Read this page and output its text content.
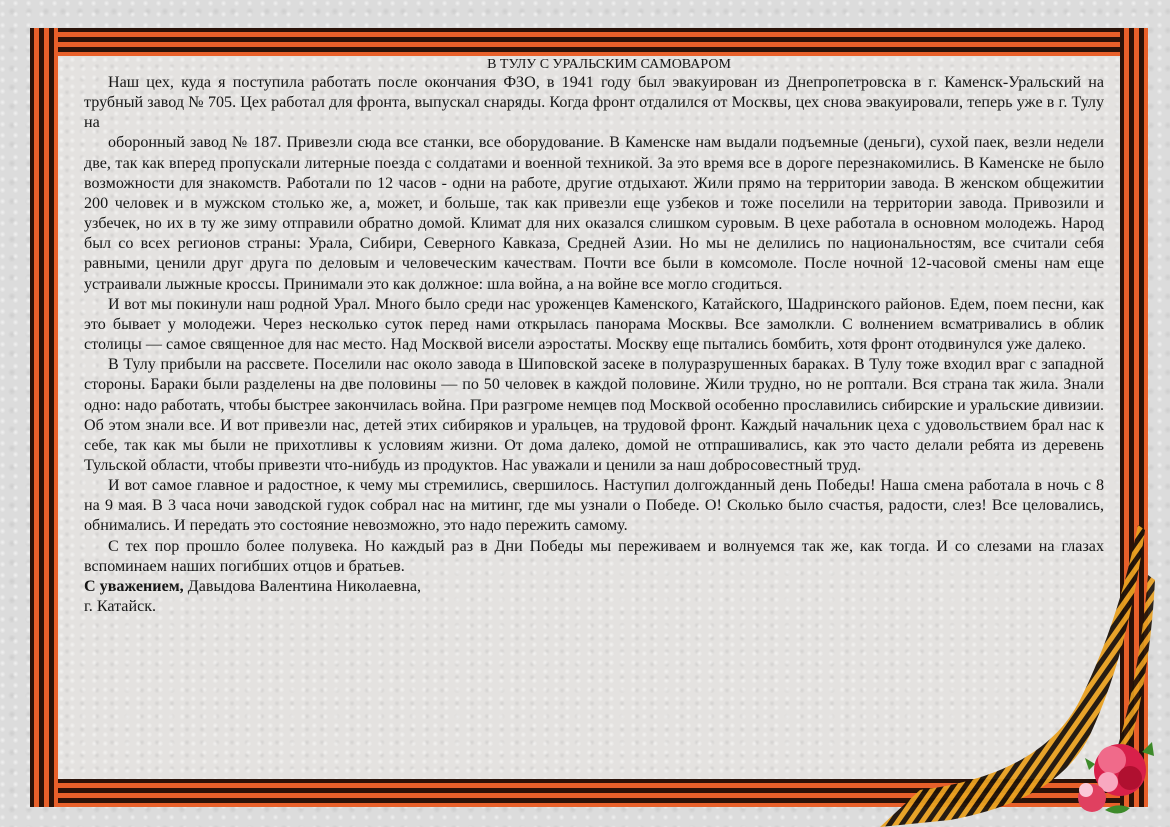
В ТУЛУ С УРАЛЬСКИМ САМОВАРОМ

Наш цех, куда я поступила работать после окончания ФЗО, в 1941 году был эвакуирован из Днепропетровска в г. Каменск-Уральский на трубный завод № 705. Цех работал для фронта, выпускал снаряды. Когда фронт отдалился от Москвы, цех снова эвакуировали, теперь уже в г. Тулу на

оборонный завод № 187. Привезли сюда все станки, все оборудование. В Каменске нам выдали подъемные (деньги), сухой паек, везли недели две, так как вперед пропускали литерные поезда с солдатами и военной техникой. За это время все в дороге перезнакомились. В Каменске не было возможности для знакомств. Работали по 12 часов - одни на работе, другие отдыхают. Жили прямо на территории завода. В женском общежитии 200 человек и в мужском столько же, а, может, и больше, так как привезли еще узбеков и тоже поселили на территории завода. Привозили и узбечек, но их в ту же зиму отправили обратно домой. Климат для них оказался слишком суровым. В цехе работала в основном молодежь. Народ был со всех регионов страны: Урала, Сибири, Северного Кавказа, Средней Азии. Но мы не делились по национальностям, все считали себя равными, ценили друг друга по деловым и человеческим качествам. Почти все были в комсомоле. После ночной 12-часовой смены нам еще устраивали лыжные кроссы. Принимали это как должное: шла война, а на войне все могло сгодиться.

И вот мы покинули наш родной Урал. Много было среди нас уроженцев Каменского, Катайского, Шадринского районов. Едем, поем песни, как это бывает у молодежи. Через несколько суток перед нами открылась панорама Москвы. Все замолкли. С волнением всматривались в облик столицы — самое священное для нас место. Над Москвой висели аэростаты. Москву еще пытались бомбить, хотя фронт отодвинулся уже далеко.

В Тулу прибыли на рассвете. Поселили нас около завода в Шиповской засеке в полуразрушенных бараках. В Тулу тоже входил враг с западной стороны. Бараки были разделены на две половины — по 50 человек в каждой половине. Жили трудно, но не роптали. Вся страна так жила. Знали одно: надо работать, чтобы быстрее закончилась война. При разгроме немцев под Москвой особенно прославились сибирские и уральские дивизии. Об этом знали все. И вот привезли нас, детей этих сибиряков и уральцев, на трудовой фронт. Каждый начальник цеха с удовольствием брал нас к себе, так как мы были не прихотливы к условиям жизни. От дома далеко, домой не отпрашивались, как это часто делали ребята из деревень Тульской области, чтобы привезти что-нибудь из продуктов. Нас уважали и ценили за наш добросовестный труд.

И вот самое главное и радостное, к чему мы стремились, свершилось. Наступил долгожданный день Победы! Наша смена работала в ночь с 8 на 9 мая. В 3 часа ночи заводской гудок собрал нас на митинг, где мы узнали о Победе. О! Сколько было счастья, радости, слез! Все целовались, обнимались. И передать это состояние невозможно, это надо пережить самому.

С тех пор прошло более полувека. Но каждый раз в Дни Победы мы переживаем и волнуемся так же, как тогда. И со слезами на глазах вспоминаем наших погибших отцов и братьев.

С уважением, Давыдова Валентина Николаевна,

г. Катайск.
